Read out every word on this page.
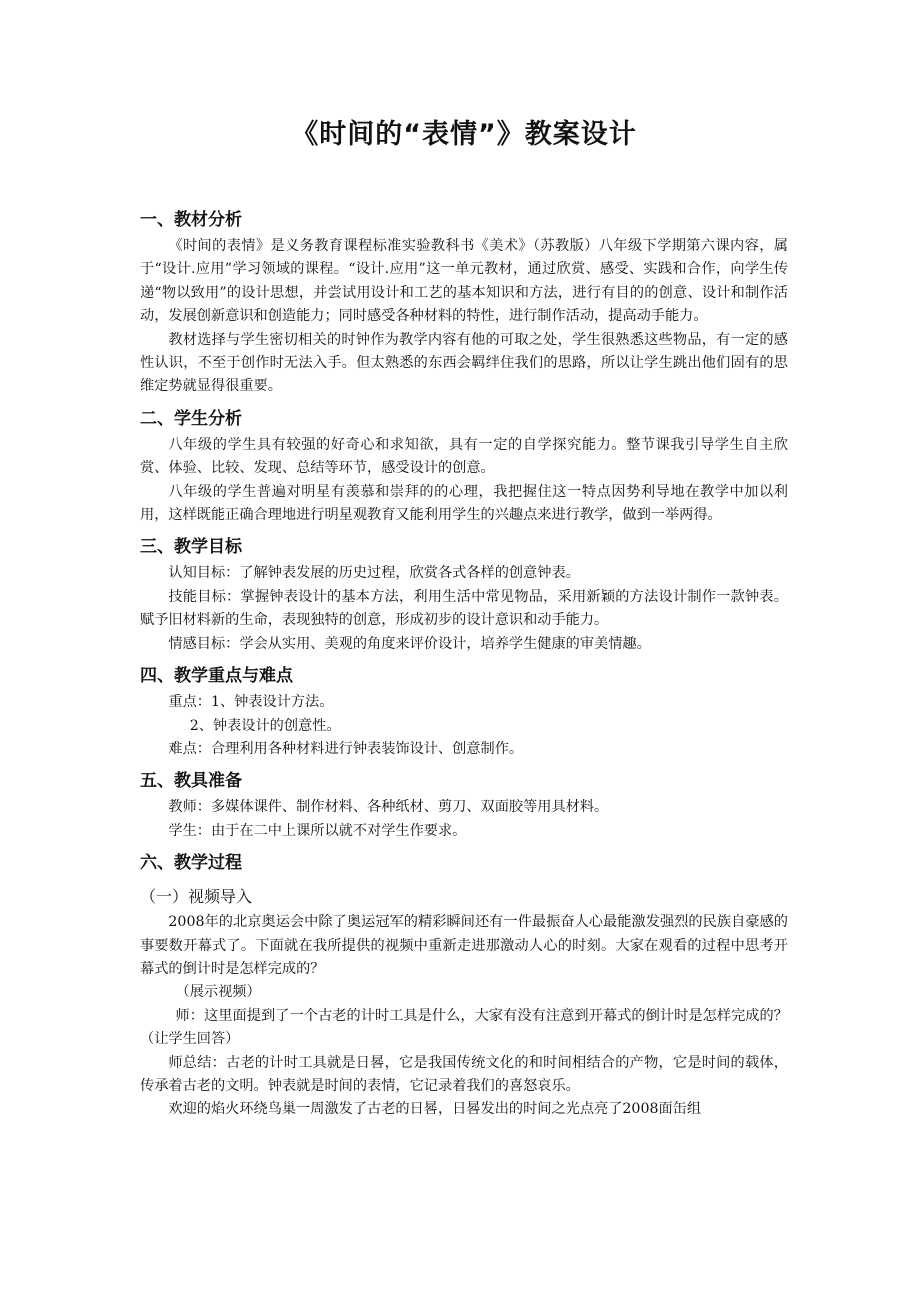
《时间的“表情”》教案设计
一、教材分析

《时间的表情》是义务教育课程标准实验教科书《美术》（苏教版）八年级下学期第六课内容，属于“设计.应用”学习领域的课程。“设计.应用”这一单元教材，通过欣赏、感受、实践和合作，向学生传递“物以致用”的设计思想，并尝试用设计和工艺的基本知识和方法，进行有目的的创意、设计和制作活动，发展创新意识和创造能力；同时感受各种材料的特性，进行制作活动，提高动手能力。

教材选择与学生密切相关的时钟作为教学内容有他的可取之处，学生很熟悉这些物品，有一定的感性认识，不至于创作时无法入手。但太熟悉的东西会羁绊住我们的思路，所以让学生跳出他们固有的思维定势就显得很重要。

二、学生分析

八年级的学生具有较强的好奇心和求知欲，具有一定的自学探究能力。整节课我引导学生自主欣赏、体验、比较、发现、总结等环节，感受设计的创意。

八年级的学生普遍对明星有羡慕和崇拜的的心理，我把握住这一特点因势利导地在教学中加以利用，这样既能正确合理地进行明星观教育又能利用学生的兴趣点来进行教学，做到一举两得。

三、教学目标

认知目标：了解钟表发展的历史过程，欣赏各式各样的创意钟表。

技能目标：掌握钟表设计的基本方法，利用生活中常见物品，采用新颖的方法设计制作一款钟表。赋予旧材料新的生命，表现独特的创意，形成初步的设计意识和动手能力。

情感目标：学会从实用、美观的角度来评价设计，培养学生健康的审美情趣。

四、教学重点与难点

重点：1、钟表设计方法。

2、钟表设计的创意性。

难点：合理利用各种材料进行钟表装饰设计、创意制作。

五、教具准备

教师：多媒体课件、制作材料、各种纸材、剪刀、双面胶等用具材料。

学生：由于在二中上课所以就不对学生作要求。

六、教学过程
（一）视频导入

2008年的北京奥运会中除了奥运冠军的精彩瞬间还有一件最振奋人心最能激发强烈的民族自豪感的事要数开幕式了。下面就在我所提供的视频中重新走进那激动人心的时刻。大家在观看的过程中思考开幕式的倒计时是怎样完成的？

（展示视频）

师：这里面提到了一个古老的计时工具是什么，大家有没有注意到开幕式的倒计时是怎样完成的？（让学生回答）

师总结：古老的计时工具就是日晷，它是我国传统文化的和时间相结合的产物，它是时间的载体，传承着古老的文明。钟表就是时间的表情，它记录着我们的喜怒哀乐。

欢迎的焰火环绕鸟巢一周激发了古老的日晷，日晷发出的时间之光点亮了2008面缶组
